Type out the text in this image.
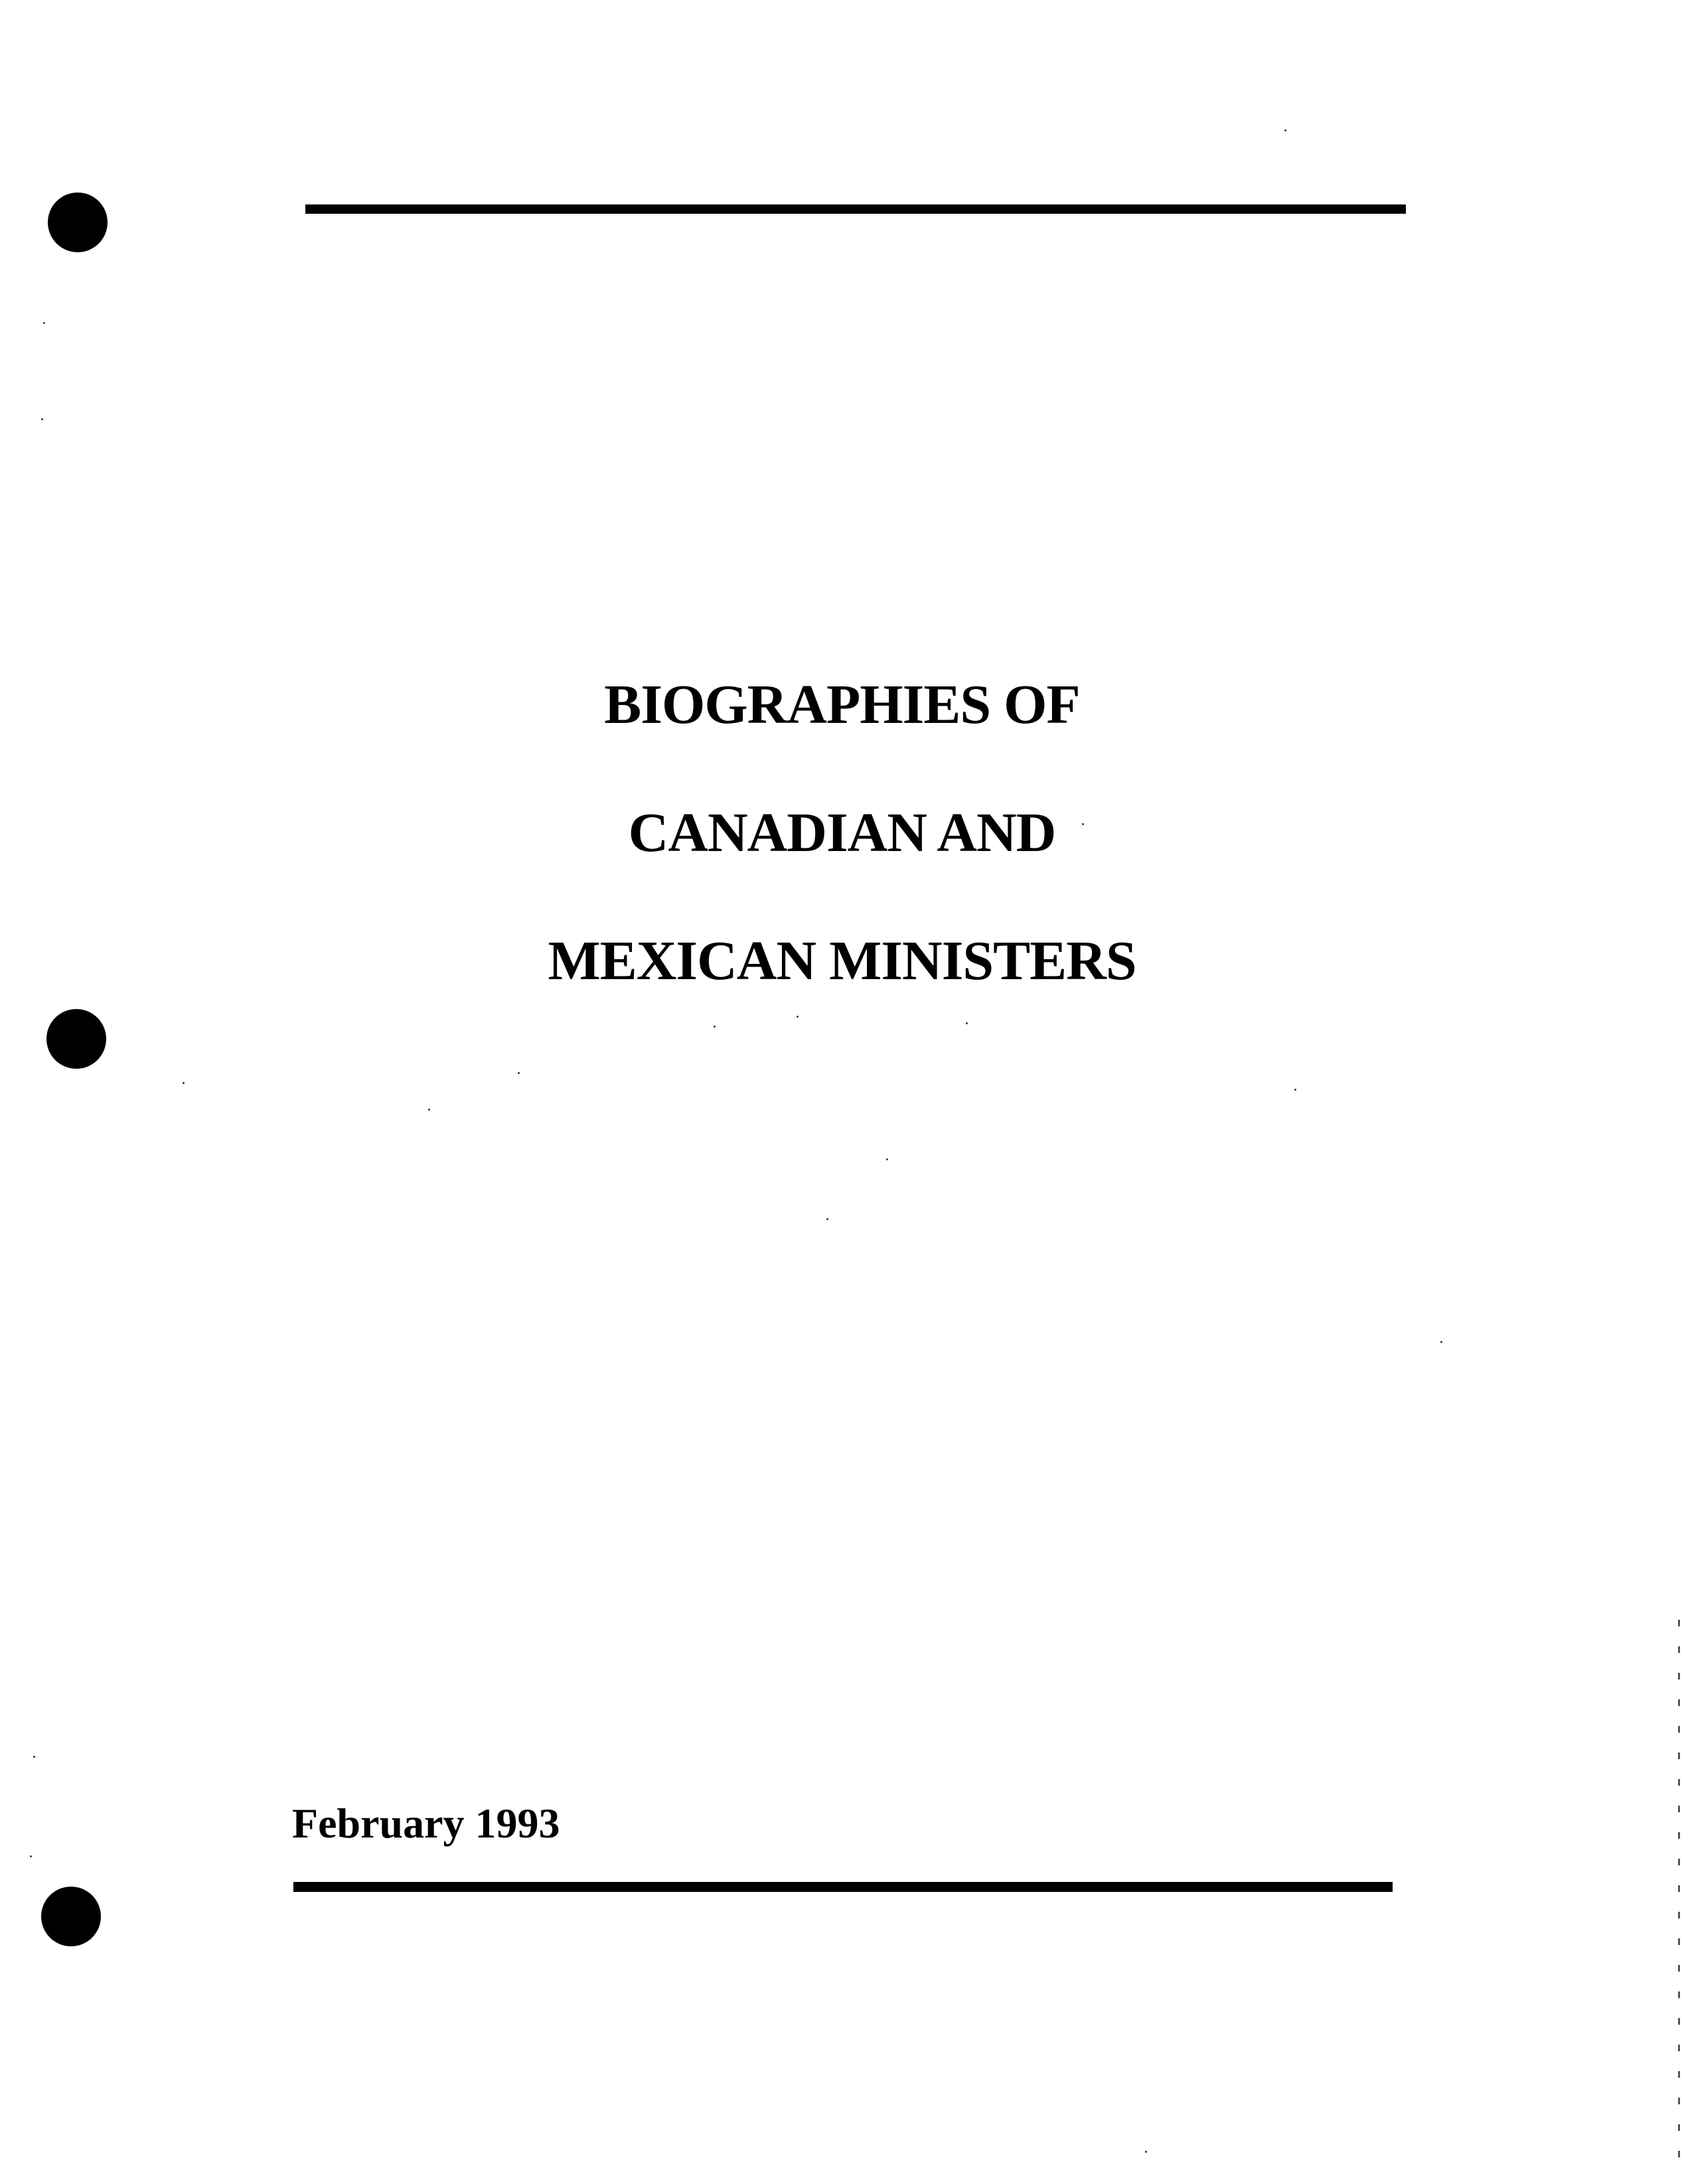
BIOGRAPHIES OF
CANADIAN AND
MEXICAN MINISTERS
February 1993
